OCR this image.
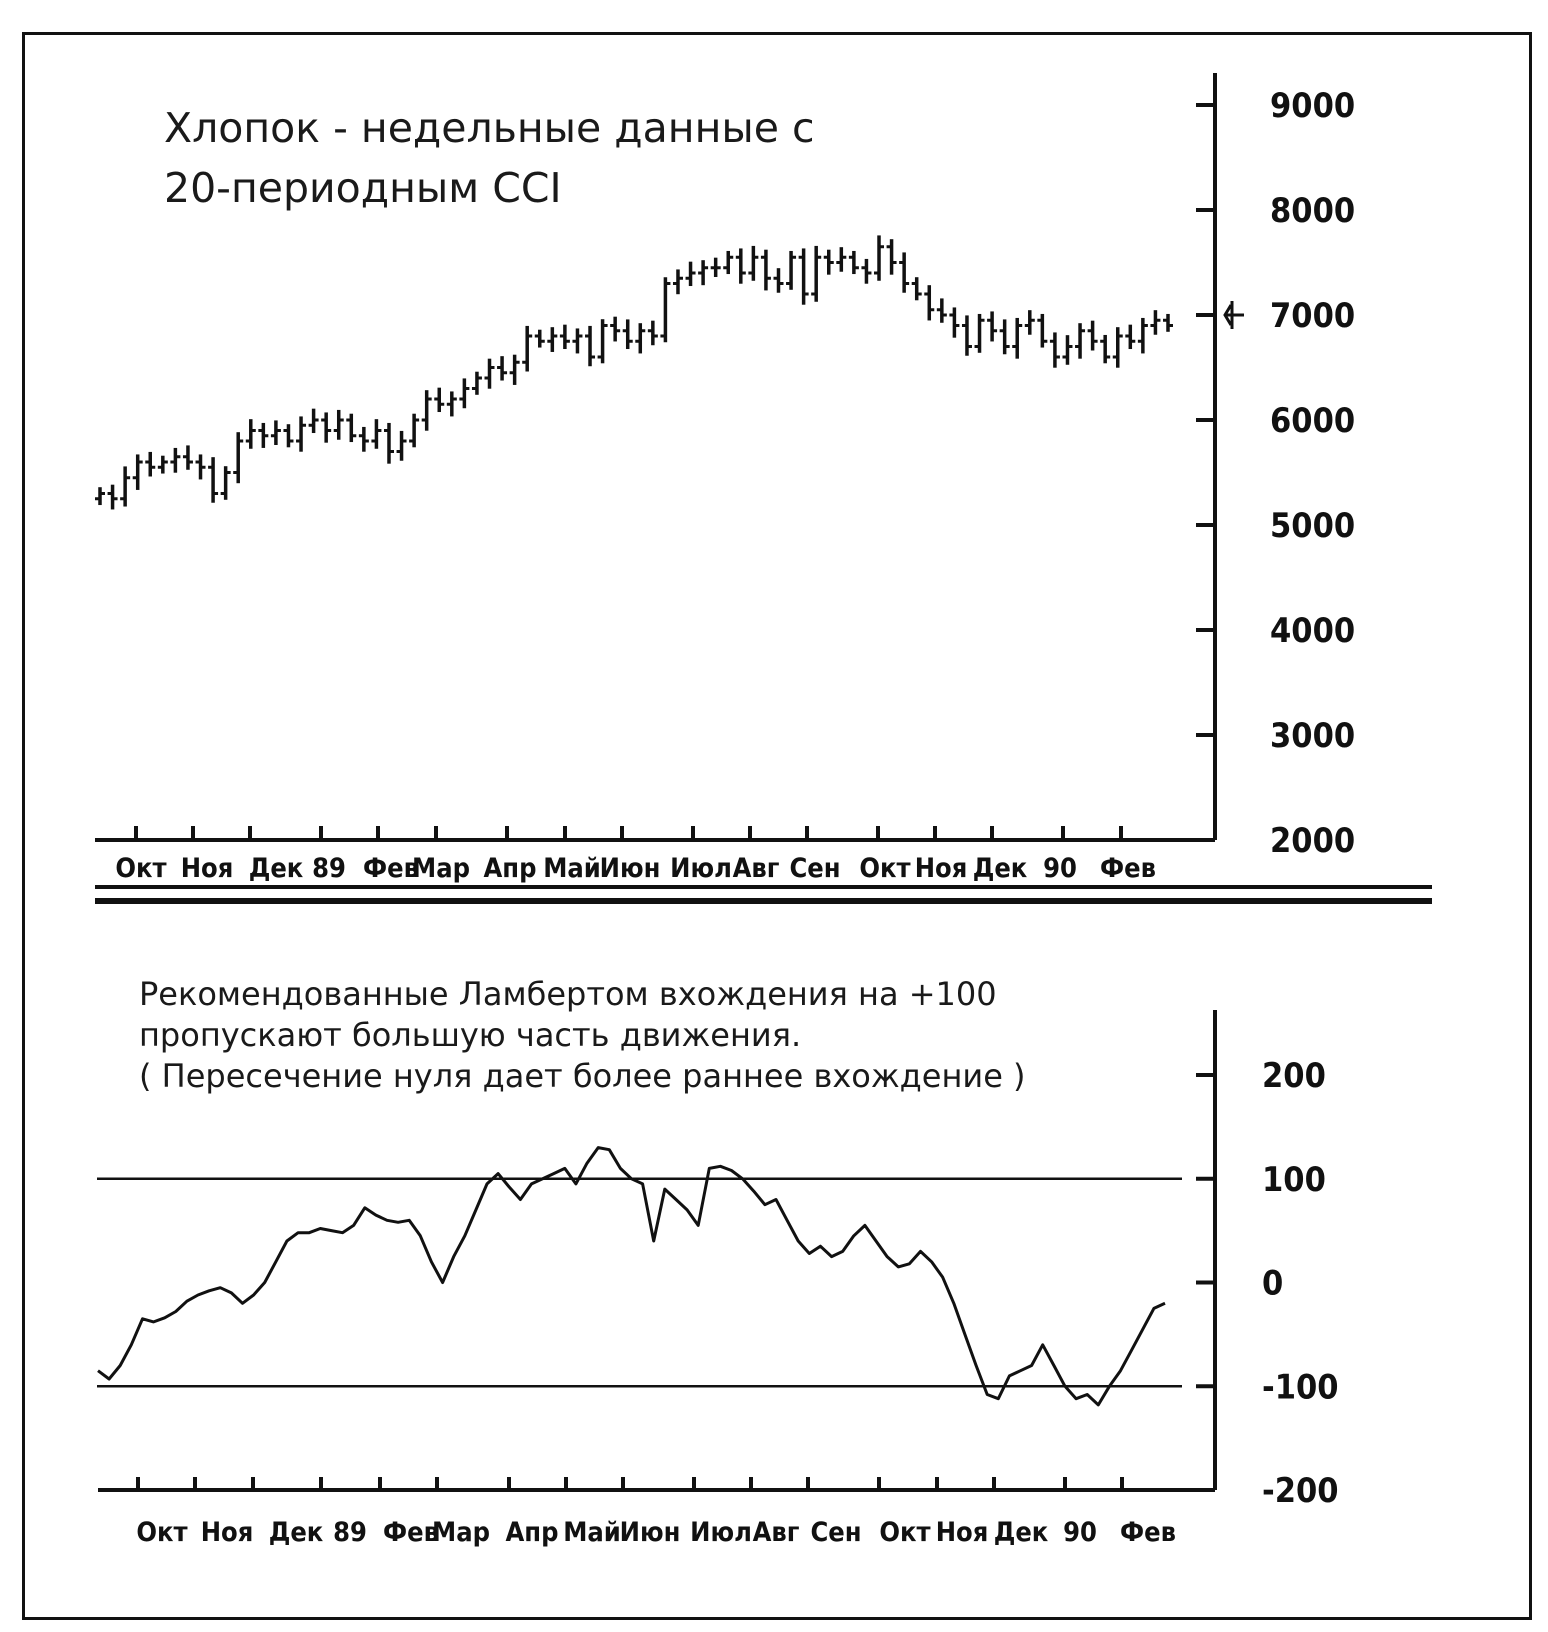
Хлопок - недельные данные с
20-периодным CCI
Рекомендованные Ламбертом вхождения на +100
пропускают большую часть движения.
( Пересечение нуля дает более раннее вхождение )
2000
3000
4000
5000
6000
7000
8000
9000
Окт Ноя Дек 89 Фев
Мар Апр Май
Июн Июл Авг Сен Окт Ноя Дек 90 Фев
-200
-100
0
100
200
Окт Ноя Дек 89 Фев
Мар Апр Май
Июн Июл Авг Сен Окт Ноя Дек 90 Фев
